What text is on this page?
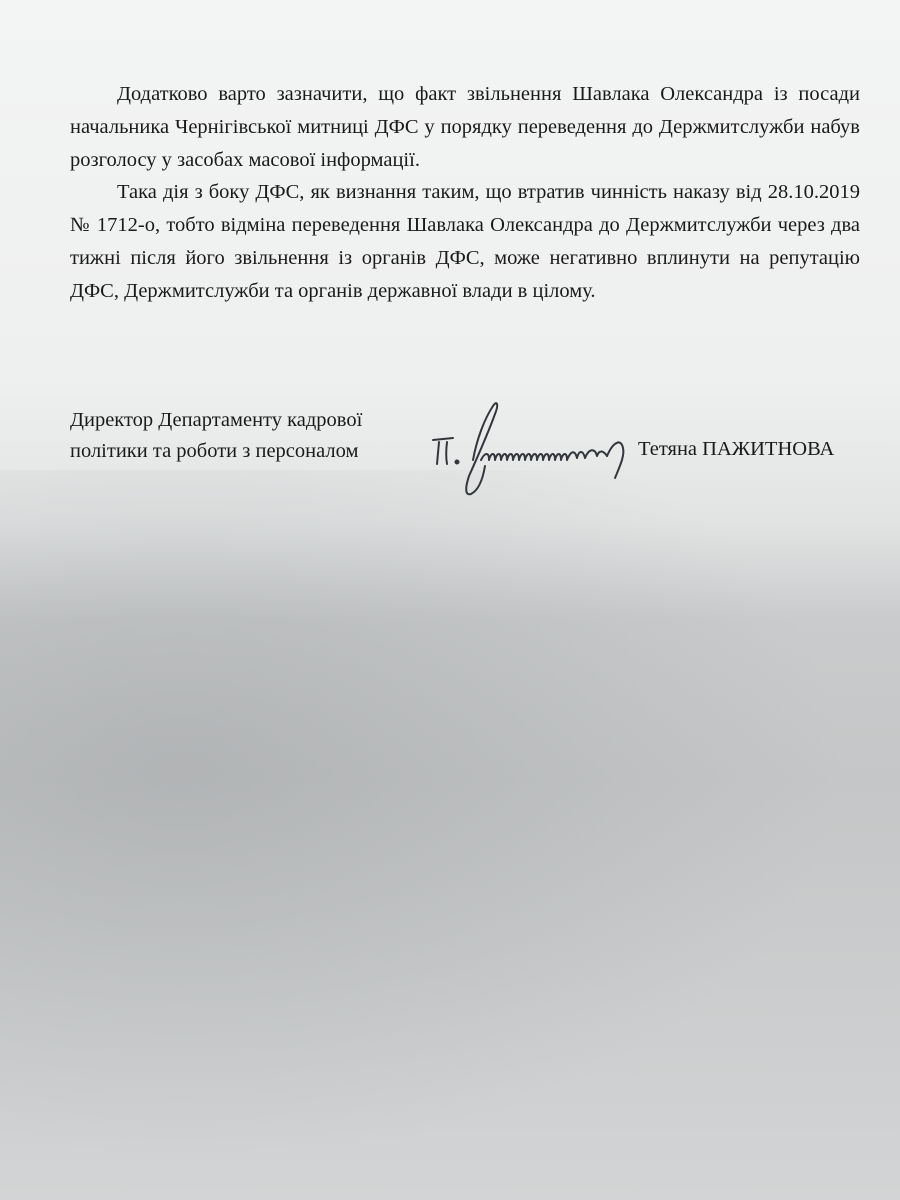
Додатково варто зазначити, що факт звільнення Шавлака Олександра із посади начальника Чернігівської митниці ДФС у порядку переведення до Держмитслужби набув розголосу у засобах масової інформації.

Така дія з боку ДФС, як визнання таким, що втратив чинність наказу від 28.10.2019 № 1712-о, тобто відміна переведення Шавлака Олександра до Держмитслужби через два тижні після його звільнення із органів ДФС, може негативно вплинути на репутацію ДФС, Держмитслужби та органів державної влади в цілому.

Директор Департаменту кадрової
політики та роботи з персоналом	Тетяна ПАЖИТНОВА
